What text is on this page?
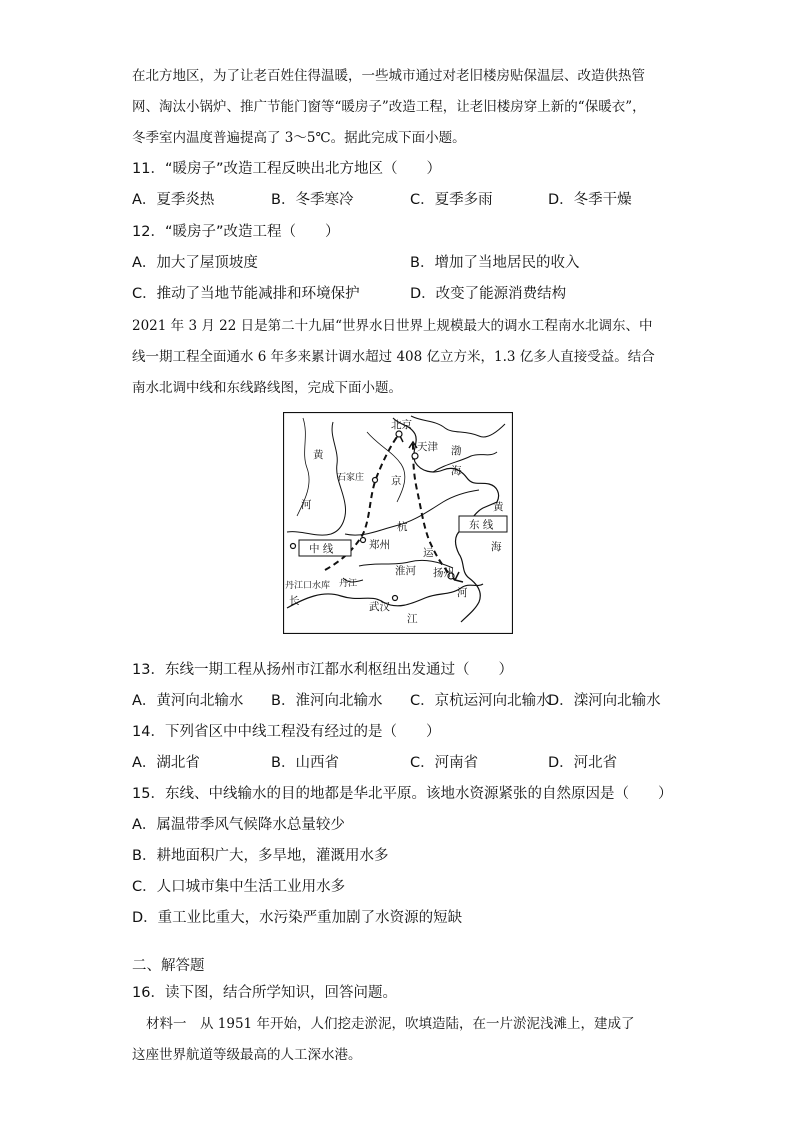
在北方地区，为了让老百姓住得温暖，一些城市通过对老旧楼房贴保温层、改造供热管
网、淘汰小锅炉、推广节能门窗等“暖房子”改造工程，让老旧楼房穿上新的“保暖衣”，
冬季室内温度普遍提高了 3～5℃。据此完成下面小题。
11．“暖房子”改造工程反映出北方地区（　　）
A．夏季炎热	B．冬季寒冷	C．夏季多雨	D．冬季干燥
12．“暖房子”改造工程（　　）
A．加大了屋顶坡度	B．增加了当地居民的收入
C．推动了当地节能减排和环境保护	D．改变了能源消费结构
2021 年 3 月 22 日是第二十九届“世界水日世界上规模最大的调水工程南水北调东、中
线一期工程全面通水 6 年多来累计调水超过 408 亿立方米，1.3 亿多人直接受益。结合
南水北调中线和东线路线图，完成下面小题。
北京
天津 渤
海
黄
河
石家庄	京
杭
运
黄
海
东 线
中 线	郑州
淮河 扬州
河
丹江口水库 丹江
长	武汉
江
13．东线一期工程从扬州市江都水利枢纽出发通过（　　）
A．黄河向北输水 B．淮河向北输水 C．京杭运河向北输水
D．滦河向北输水
14．下列省区中中线工程没有经过的是（　　）
A．湖北省	B．山西省	C．河南省	D．河北省
15．东线、中线输水的目的地都是华北平原。该地水资源紧张的自然原因是（　　）
A．属温带季风气候降水总量较少
B．耕地面积广大，多旱地，灌溉用水多
C．人口城市集中生活工业用水多
D．重工业比重大，水污染严重加剧了水资源的短缺
二、解答题
16．读下图，结合所学知识，回答问题。
材料一　从 1951 年开始，人们挖走淤泥，吹填造陆，在一片淤泥浅滩上，建成了
这座世界航道等级最高的人工深水港。
